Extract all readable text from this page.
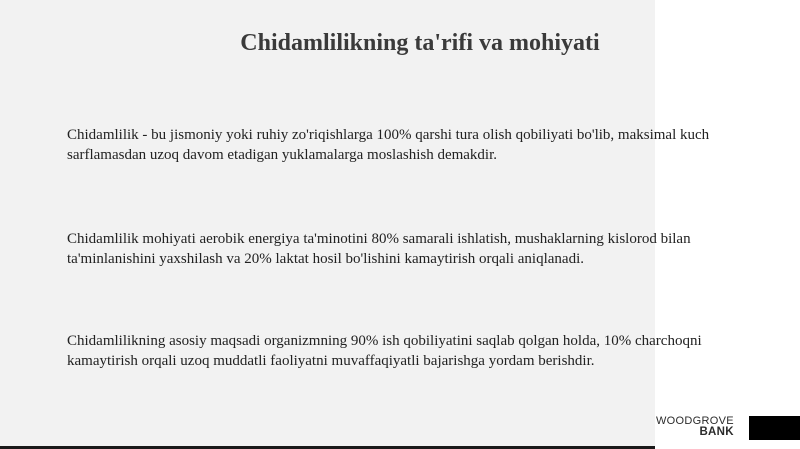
Chidamlilikning ta'rifi va mohiyati

Chidamlilik - bu jismoniy yoki ruhiy zo'riqishlarga 100% qarshi tura olish qobiliyati bo'lib, maksimal kuch sarflamasdan uzoq davom etadigan yuklamalarga moslashish demakdir.

Chidamlilik mohiyati aerobik energiya ta'minotini 80% samarali ishlatish, mushaklarning kislorod bilan ta'minlanishini yaxshilash va 20% laktat hosil bo'lishini kamaytirish orqali aniqlanadi.

Chidamlilikning asosiy maqsadi organizmning 90% ish qobiliyatini saqlab qolgan holda, 10% charchoqni kamaytirish orqali uzoq muddatli faoliyatni muvaffaqiyatli bajarishga yordam berishdir.

WOODGROVE
BANK
